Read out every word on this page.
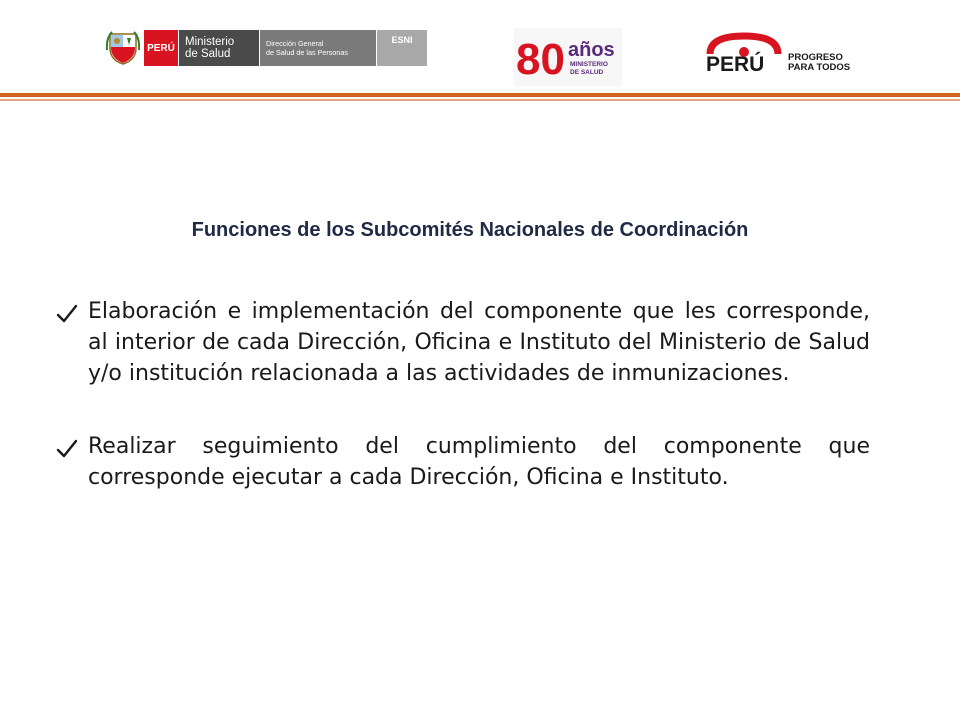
PERÚ Ministerio
de Salud
Dirección General
de Salud de las Personas
ESNI	80 años
MINISTERIO
DE SALUD	PERÚ PROGRESO
PARA TODOS
Funciones de los Subcomités Nacionales de Coordinación
Elaboración e implementación del componente que les corresponde, al interior de cada Dirección, Oficina e Instituto del Ministerio de Salud y/o institución relacionada a las actividades de inmunizaciones.
Realizar seguimiento del cumplimiento del componente que corresponde ejecutar a cada Dirección, Oficina e Instituto.
